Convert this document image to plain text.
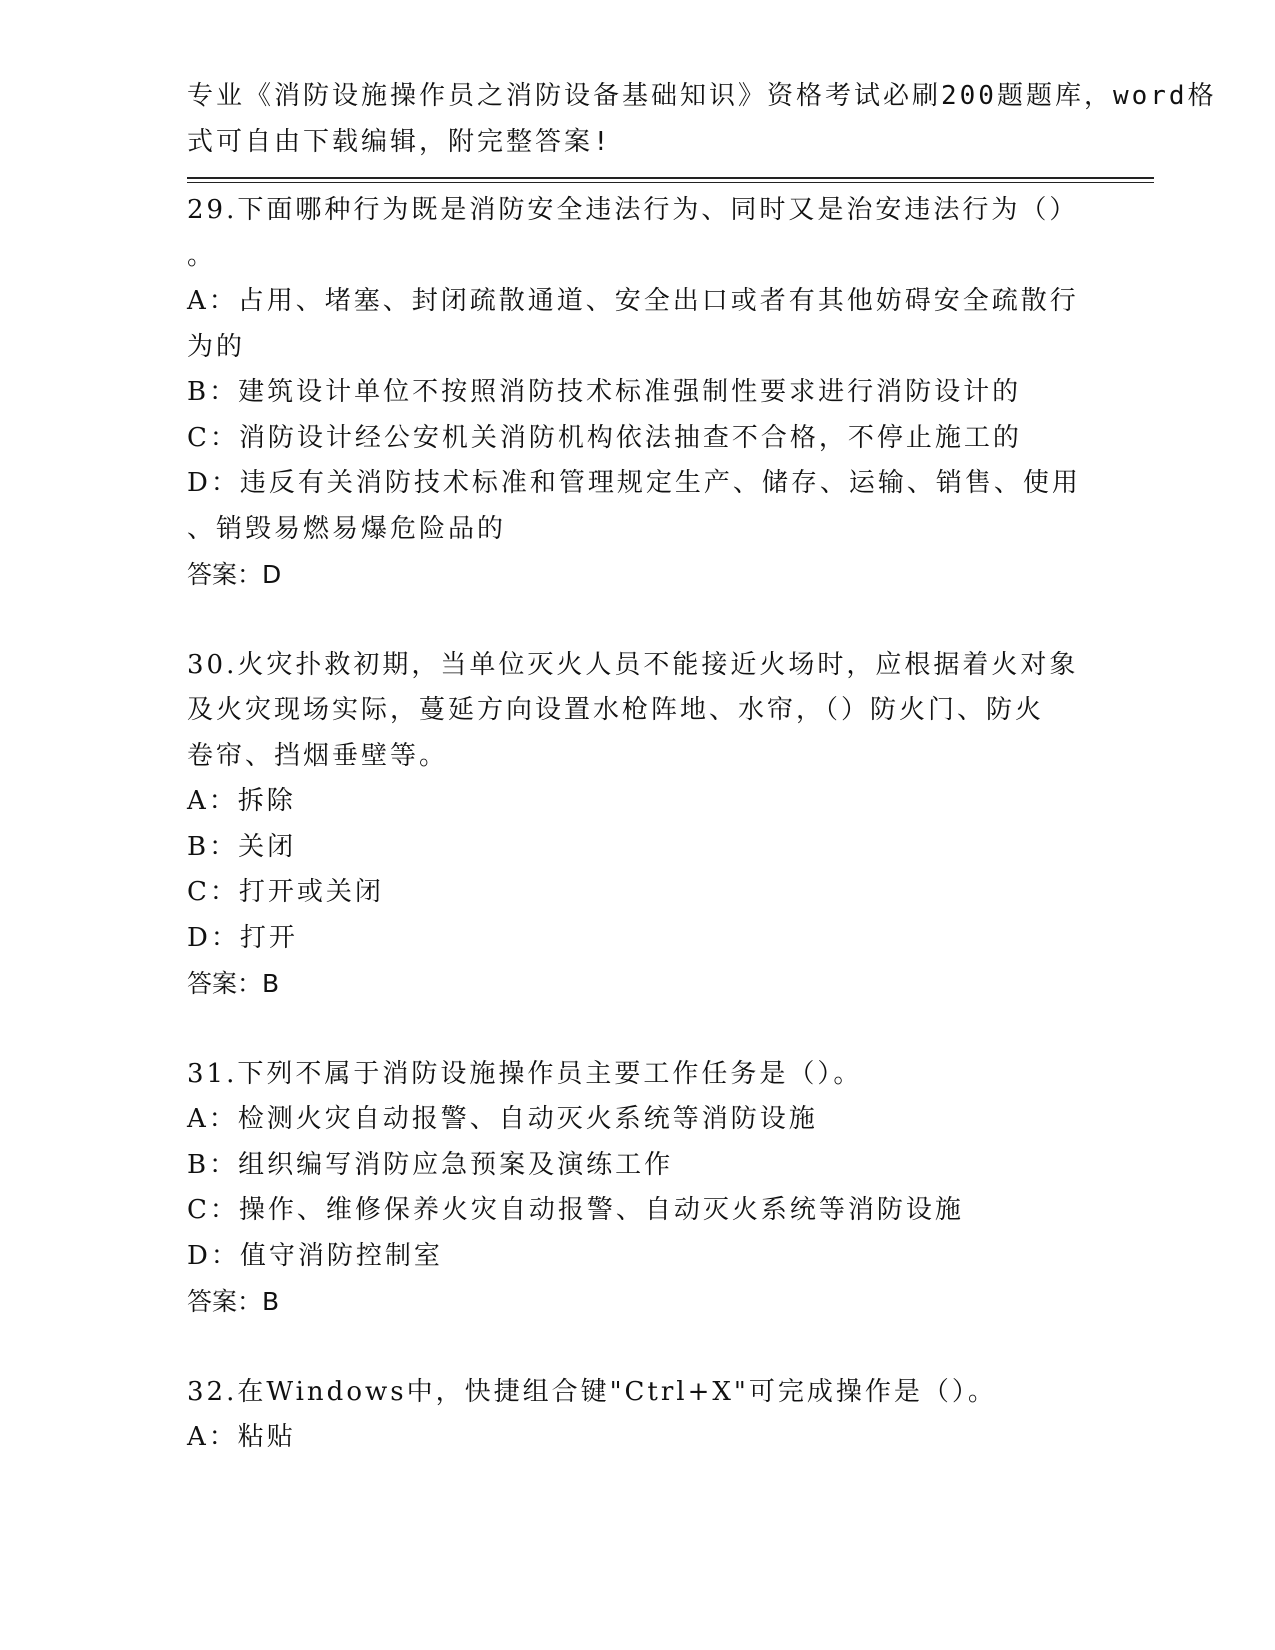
专业《消防设施操作员之消防设备基础知识》资格考试必刷200题题库，word格
式可自由下载编辑，附完整答案!
29.下面哪种行为既是消防安全违法行为、同时又是治安违法行为（）
。
A：占用、堵塞、封闭疏散通道、安全出口或者有其他妨碍安全疏散行
为的
B：建筑设计单位不按照消防技术标准强制性要求进行消防设计的
C：消防设计经公安机关消防机构依法抽查不合格，不停止施工的
D：违反有关消防技术标准和管理规定生产、储存、运输、销售、使用
、销毁易燃易爆危险品的
答案：D
30.火灾扑救初期，当单位灭火人员不能接近火场时，应根据着火对象
及火灾现场实际，蔓延方向设置水枪阵地、水帘，（）防火门、防火
卷帘、挡烟垂壁等。
A：拆除
B：关闭
C：打开或关闭
D：打开
答案：B
31.下列不属于消防设施操作员主要工作任务是（）。
A：检测火灾自动报警、自动灭火系统等消防设施
B：组织编写消防应急预案及演练工作
C：操作、维修保养火灾自动报警、自动灭火系统等消防设施
D：值守消防控制室
答案：B
32.在Windows中，快捷组合键"Ctrl+X"可完成操作是（）。
A：粘贴
